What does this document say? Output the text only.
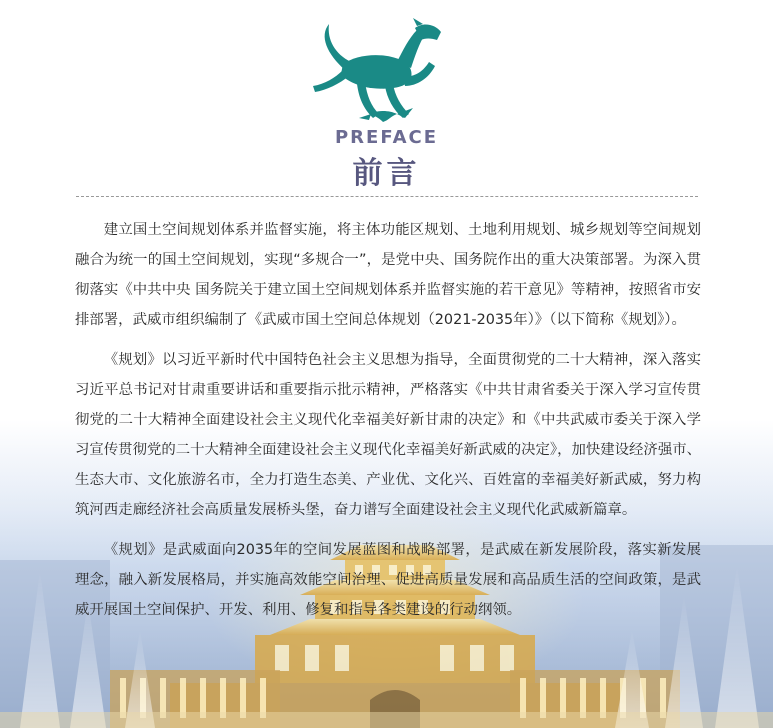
PREFACE
前言

建立国土空间规划体系并监督实施，将主体功能区规划、土地利用规划、城乡规划等空间规划融合为统一的国土空间规划，实现“多规合一”，是党中央、国务院作出的重大决策部署。为深入贯彻落实《中共中央 国务院关于建立国土空间规划体系并监督实施的若干意见》等精神，按照省市安排部署，武威市组织编制了《武威市国土空间总体规划（2021-2035年）》（以下简称《规划》）。

《规划》以习近平新时代中国特色社会主义思想为指导，全面贯彻党的二十大精神，深入落实习近平总书记对甘肃重要讲话和重要指示批示精神，严格落实《中共甘肃省委关于深入学习宣传贯彻党的二十大精神全面建设社会主义现代化幸福美好新甘肃的决定》和《中共武威市委关于深入学习宣传贯彻党的二十大精神全面建设社会主义现代化幸福美好新武威的决定》，加快建设经济强市、生态大市、文化旅游名市，全力打造生态美、产业优、文化兴、百姓富的幸福美好新武威，努力构筑河西走廊经济社会高质量发展桥头堡，奋力谱写全面建设社会主义现代化武威新篇章。

《规划》是武威面向2035年的空间发展蓝图和战略部署，是武威在新发展阶段，落实新发展理念，融入新发展格局，并实施高效能空间治理、促进高质量发展和高品质生活的空间政策，是武威开展国土空间保护、开发、利用、修复和指导各类建设的行动纲领。
